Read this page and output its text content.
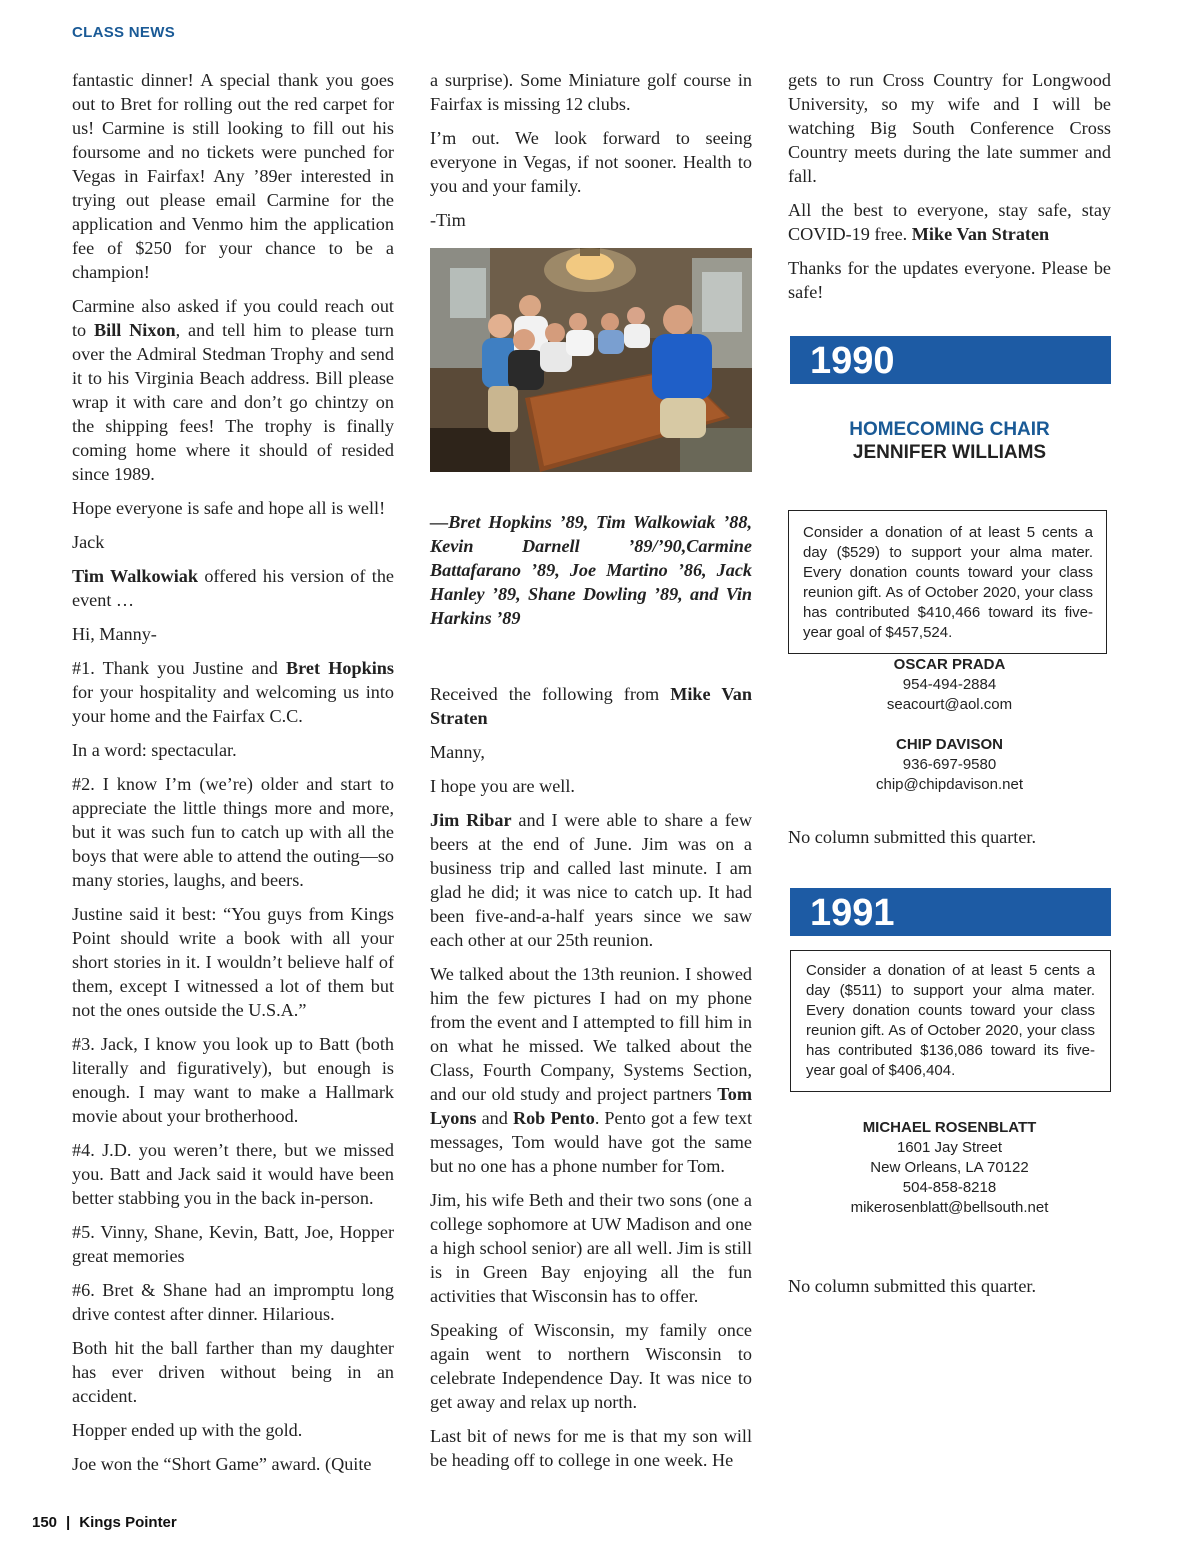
CLASS NEWS

fantastic dinner! A special thank you goes out to Bret for rolling out the red carpet for us! Carmine is still looking to fill out his foursome and no tickets were punched for Vegas in Fairfax! Any ’89er interested in trying out please email Carmine for the application and Venmo him the application fee of $250 for your chance to be a champion!

Carmine also asked if you could reach out to Bill Nixon, and tell him to please turn over the Admiral Stedman Trophy and send it to his Virginia Beach address. Bill please wrap it with care and don’t go chintzy on the shipping fees! The trophy is finally coming home where it should of resided since 1989.

Hope everyone is safe and hope all is well!

Jack

Tim Walkowiak offered his version of the event …

Hi, Manny-

#1. Thank you Justine and Bret Hopkins for your hospitality and welcoming us into your home and the Fairfax C.C.

In a word: spectacular.

#2. I know I’m (we’re) older and start to appreciate the little things more and more, but it was such fun to catch up with all the boys that were able to attend the outing—so many stories, laughs, and beers.

Justine said it best: “You guys from Kings Point should write a book with all your short stories in it. I wouldn’t believe half of them, except I witnessed a lot of them but not the ones outside the U.S.A.”

#3. Jack, I know you look up to Batt (both literally and figuratively), but enough is enough. I may want to make a Hallmark movie about your brotherhood.

#4. J.D. you weren’t there, but we missed you. Batt and Jack said it would have been better stabbing you in the back in-person.

#5. Vinny, Shane, Kevin, Batt, Joe, Hopper great memories

#6. Bret & Shane had an impromptu long drive contest after dinner. Hilarious.

Both hit the ball farther than my daughter has ever driven without being in an accident.

Hopper ended up with the gold.

Joe won the “Short Game” award. (Quite

a surprise). Some Miniature golf course in Fairfax is missing 12 clubs.

I’m out. We look forward to seeing everyone in Vegas, if not sooner. Health to you and your family.

-Tim

—Bret Hopkins ’89, Tim Walkowiak ’88, Kevin Darnell ’89/’90,Carmine Battafarano ’89, Joe Martino ’86, Jack Hanley ’89, Shane Dowling ’89, and Vin Harkins ’89

Received the following from Mike Van Straten

Manny,

I hope you are well.

Jim Ribar and I were able to share a few beers at the end of June. Jim was on a business trip and called last minute. I am glad he did; it was nice to catch up. It had been five-and-a-half years since we saw each other at our 25th reunion.

We talked about the 13th reunion. I showed him the few pictures I had on my phone from the event and I attempted to fill him in on what he missed. We talked about the Class, Fourth Company, Systems Section, and our old study and project partners Tom Lyons and Rob Pento. Pento got a few text messages, Tom would have got the same but no one has a phone number for Tom.

Jim, his wife Beth and their two sons (one a college sophomore at UW Madison and one a high school senior) are all well. Jim is still is in Green Bay enjoying all the fun activities that Wisconsin has to offer.

Speaking of Wisconsin, my family once again went to northern Wisconsin to celebrate Independence Day. It was nice to get away and relax up north.

Last bit of news for me is that my son will be heading off to college in one week. He

gets to run Cross Country for Longwood University, so my wife and I will be watching Big South Conference Cross Country meets during the late summer and fall.

All the best to everyone, stay safe, stay COVID-19 free. Mike Van Straten

Thanks for the updates everyone. Please be safe!

1990
HOMECOMING CHAIR
JENNIFER WILLIAMS
Consider a donation of at least 5 cents a day ($529) to support your alma mater. Every donation counts toward your class reunion gift. As of October 2020, your class has contributed $410,466 toward its five-year goal of $457,524.
OSCAR PRADA
954-494-2884
seacourt@aol.com
CHIP DAVISON
936-697-9580
chip@chipdavison.net

No column submitted this quarter.

1991
Consider a donation of at least 5 cents a day ($511) to support your alma mater. Every donation counts toward your class reunion gift. As of October 2020, your class has contributed $136,086 toward its five-year goal of $406,404.
MICHAEL ROSENBLATT
1601 Jay Street
New Orleans, LA 70122
504-858-8218
mikerosenblatt@bellsouth.net

No column submitted this quarter.

150 | Kings Pointer
